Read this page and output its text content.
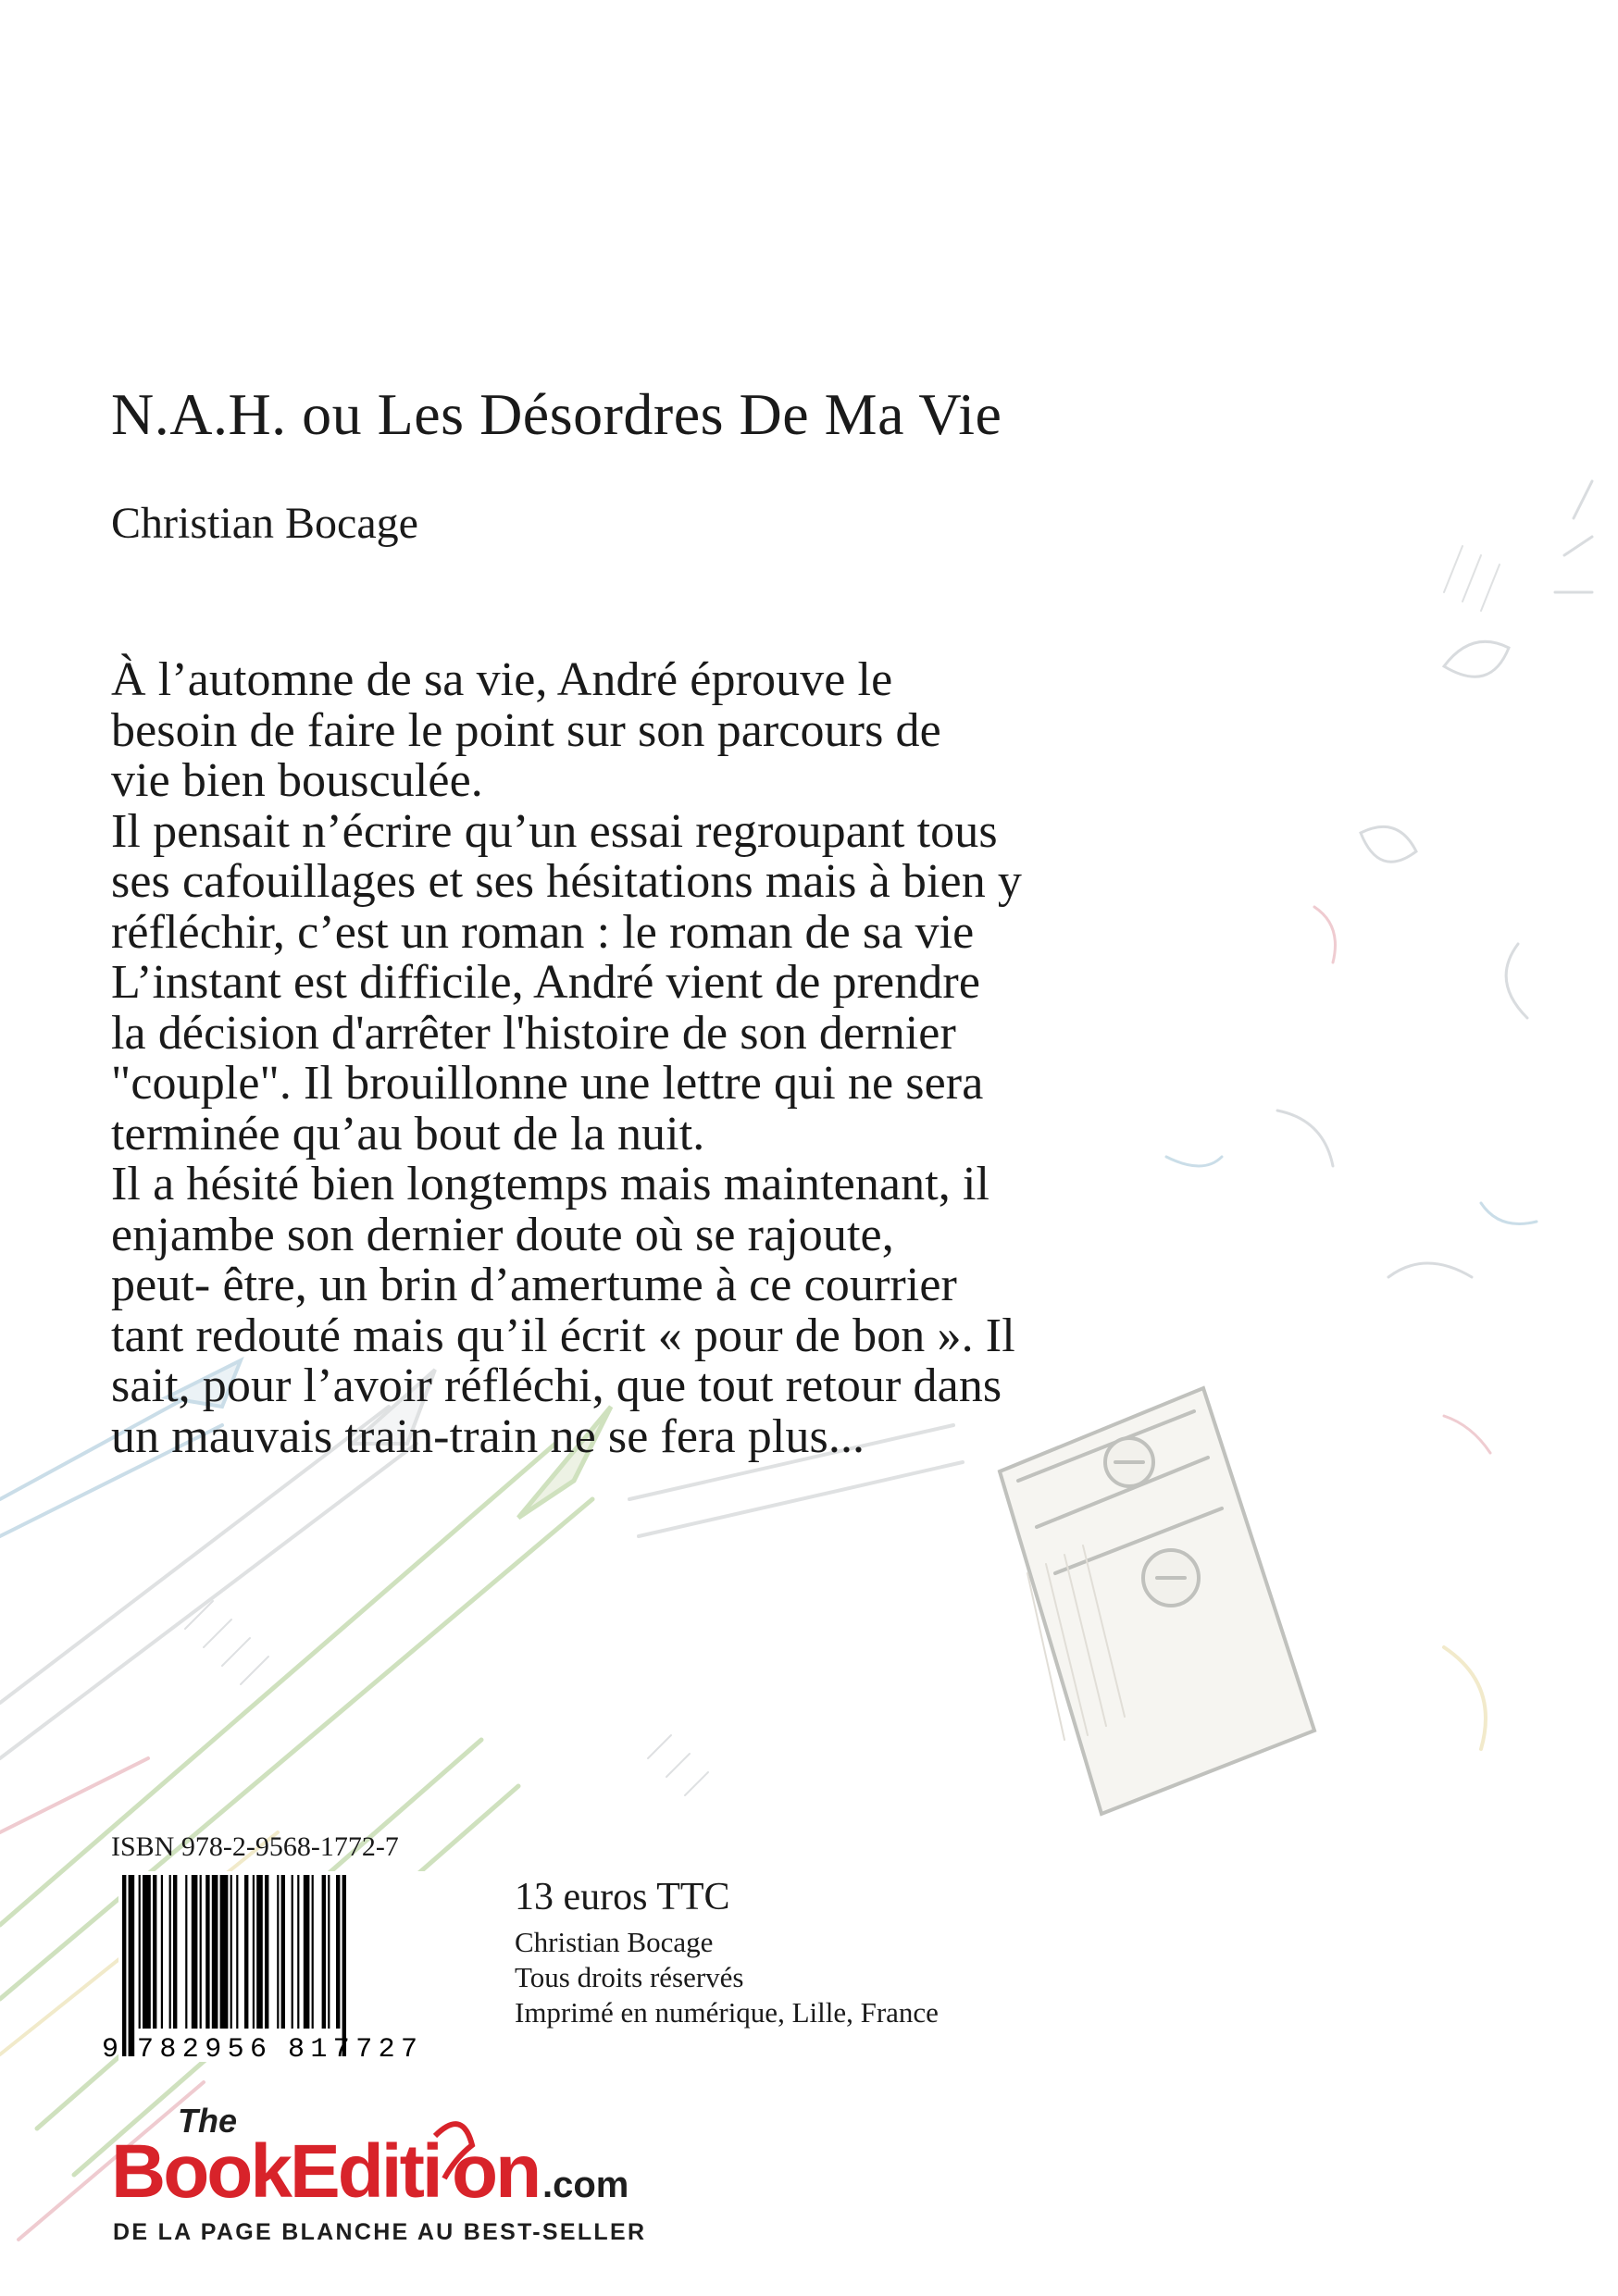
N.A.H. ou Les Désordres De Ma Vie
Christian Bocage
À l’automne de sa vie, André éprouve le
besoin de faire le point sur son parcours de
vie bien bousculée.
Il pensait n’écrire qu’un essai regroupant tous
ses cafouillages et ses hésitations mais à bien y
réfléchir, c’est un roman : le roman de sa vie
L’instant est difficile, André vient de prendre
la décision d'arrêter l'histoire de son dernier
"couple". Il brouillonne une lettre qui ne sera
terminée qu’au bout de la nuit.
Il a hésité bien longtemps mais maintenant, il
enjambe son dernier doute où se rajoute,
peut- être, un brin d’amertume à ce courrier
tant redouté mais qu’il écrit « pour de bon ». Il
sait, pour l’avoir réfléchi, que tout retour dans
un mauvais train-train ne se fera plus...
ISBN 978-2-9568-1772-7
9 782956 817727
13 euros TTC
Christian Bocage
Tous droits réservés
Imprimé en numérique, Lille, France
The
BookEditi on .com
DE LA PAGE BLANCHE AU BEST-SELLER
